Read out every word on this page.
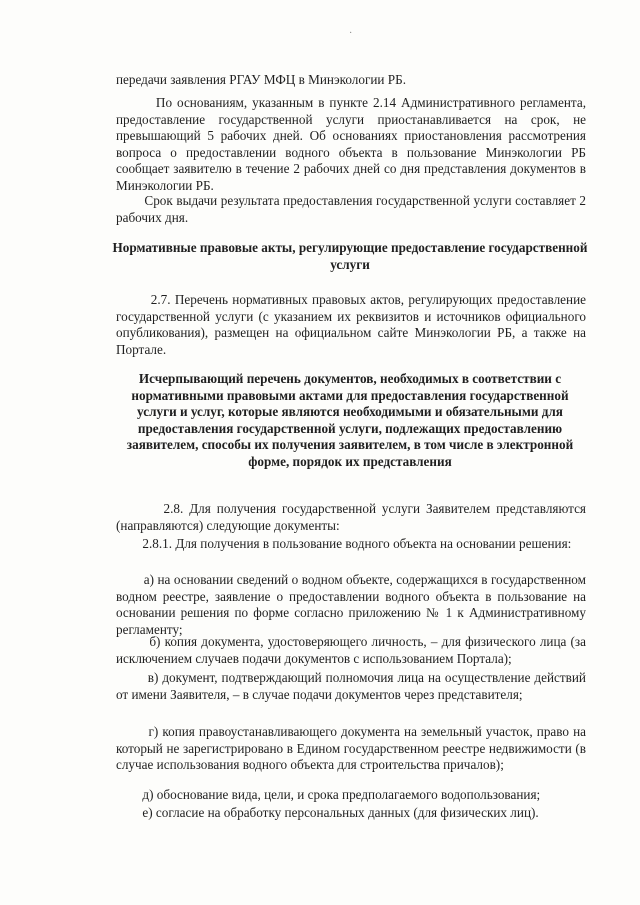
·

передачи заявления РГАУ МФЦ в Минэкологии РБ.

По основаниям, указанным в пункте 2.14 Административного регламента, предоставление государственной услуги приостанавливается на срок, не превышающий 5 рабочих дней. Об основаниях приостановления рассмотрения вопроса о предоставлении водного объекта в пользование Минэкологии РБ сообщает заявителю в течение 2 рабочих дней со дня представления документов в Минэкологии РБ.

Срок выдачи результата предоставления государственной услуги составляет 2 рабочих дня.

Нормативные правовые акты, регулирующие предоставление государственной услуги

2.7. Перечень нормативных правовых актов, регулирующих предоставление государственной услуги (с указанием их реквизитов и источников официального опубликования), размещен на официальном сайте Минэкологии РБ, а также на Портале.

Исчерпывающий перечень документов, необходимых в соответствии с нормативными правовыми актами для предоставления государственной услуги и услуг, которые являются необходимыми и обязательными для предоставления государственной услуги, подлежащих предоставлению заявителем, способы их получения заявителем, в том числе в электронной форме, порядок их представления

2.8. Для получения государственной услуги Заявителем представляются (направляются) следующие документы:

2.8.1. Для получения в пользование водного объекта на основании решения:

а) на основании сведений о водном объекте, содержащихся в государственном водном реестре, заявление о предоставлении водного объекта в пользование на основании решения по форме согласно приложению № 1 к Административному регламенту;

б) копия документа, удостоверяющего личность, – для физического лица (за исключением случаев подачи документов с использованием Портала);

в) документ, подтверждающий полномочия лица на осуществление действий от имени Заявителя, – в случае подачи документов через представителя;

г) копия правоустанавливающего документа на земельный участок, право на который не зарегистрировано в Едином государственном реестре недвижимости (в случае использования водного объекта для строительства причалов);

д) обоснование вида, цели, и срока предполагаемого водопользования;

е) согласие на обработку персональных данных (для физических лиц).
